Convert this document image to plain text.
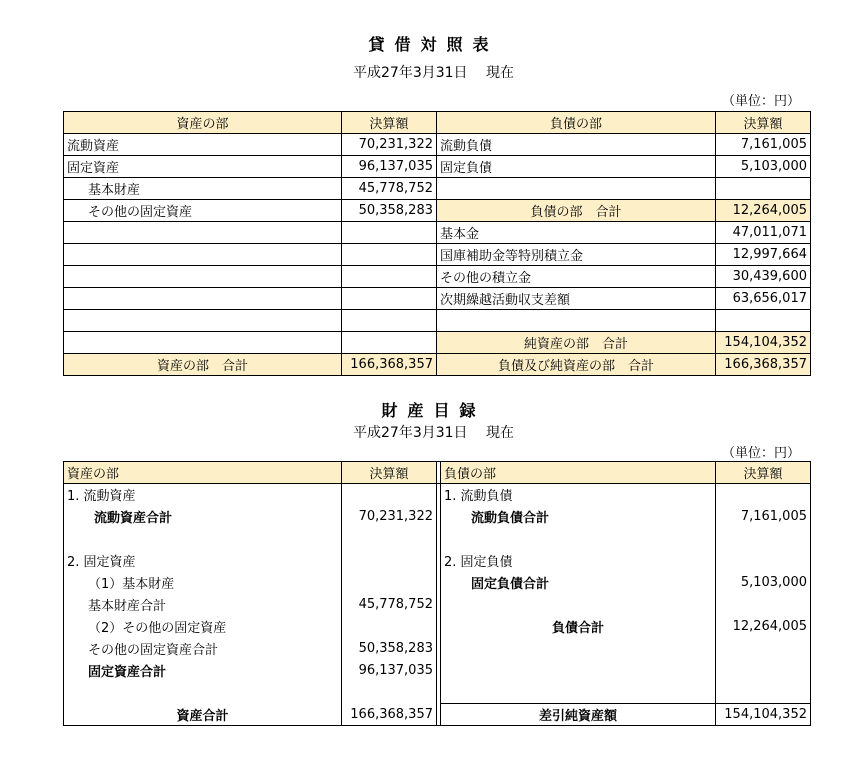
貸借対照表
平成27年3月31日　 現在
（単位：円）
資産の部	決算額	負債の部	決算額
流動資産	70,231,322	流動負債	7,161,005
固定資産	96,137,035	固定負債	5,103,000
基本財産	45,778,752		
その他の固定資産	50,358,283	負債の部　合計	12,264,005
		基本金	47,011,071
		国庫補助金等特別積立金	12,997,664
		その他の積立金	30,439,600
		次期繰越活動収支差額	63,656,017

		純資産の部　合計	154,104,352
資産の部　合計	166,368,357	負債及び純資産の部　合計	166,368,357
財産目録
平成27年3月31日　 現在
（単位：円）
資産の部	決算額		負債の部	決算額
1. 流動資産			1. 流動負債	
流動資産合計	70,231,322		流動負債合計	7,161,005

2. 固定資産			2. 固定負債	
（1）基本財産			固定負債合計	5,103,000
基本財産合計	45,778,752			
（2）その他の固定資産			負債合計	12,264,005
その他の固定資産合計	50,358,283			
固定資産合計	96,137,035			

資産合計	166,368,357		差引純資産額	154,104,352
